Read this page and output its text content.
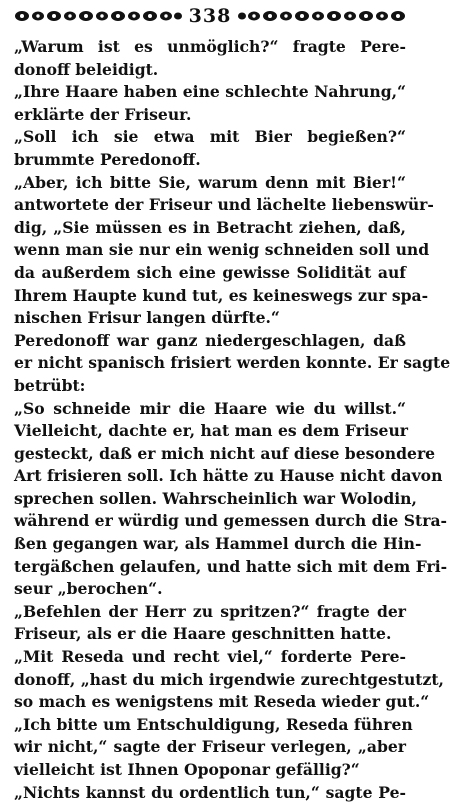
338
„Warum ist es unmöglich?“ fragte Pere-
donoff beleidigt.
„Ihre Haare haben eine schlechte Nahrung,“
erklärte der Friseur.
„Soll ich sie etwa mit Bier begießen?“
brummte Peredonoff.
„Aber, ich bitte Sie, warum denn mit Bier!“
antwortete der Friseur und lächelte liebenswür-
dig, „Sie müssen es in Betracht ziehen, daß,
wenn man sie nur ein wenig schneiden soll und
da außerdem sich eine gewisse Solidität auf
Ihrem Haupte kund tut, es keineswegs zur spa-
nischen Frisur langen dürfte.“
Peredonoff war ganz niedergeschlagen, daß
er nicht spanisch frisiert werden konnte. Er sagte
betrübt:
„So schneide mir die Haare wie du willst.“
Vielleicht, dachte er, hat man es dem Friseur
gesteckt, daß er mich nicht auf diese besondere
Art frisieren soll. Ich hätte zu Hause nicht davon
sprechen sollen. Wahrscheinlich war Wolodin,
während er würdig und gemessen durch die Stra-
ßen gegangen war, als Hammel durch die Hin-
tergäßchen gelaufen, und hatte sich mit dem Fri-
seur „berochen“.
„Befehlen der Herr zu spritzen?“ fragte der
Friseur, als er die Haare geschnitten hatte.
„Mit Reseda und recht viel,“ forderte Pere-
donoff, „hast du mich irgendwie zurechtgestutzt,
so mach es wenigstens mit Reseda wieder gut.“
„Ich bitte um Entschuldigung, Reseda führen
wir nicht,“ sagte der Friseur verlegen, „aber
vielleicht ist Ihnen Opoponar gefällig?“
„Nichts kannst du ordentlich tun,“ sagte Pe-
